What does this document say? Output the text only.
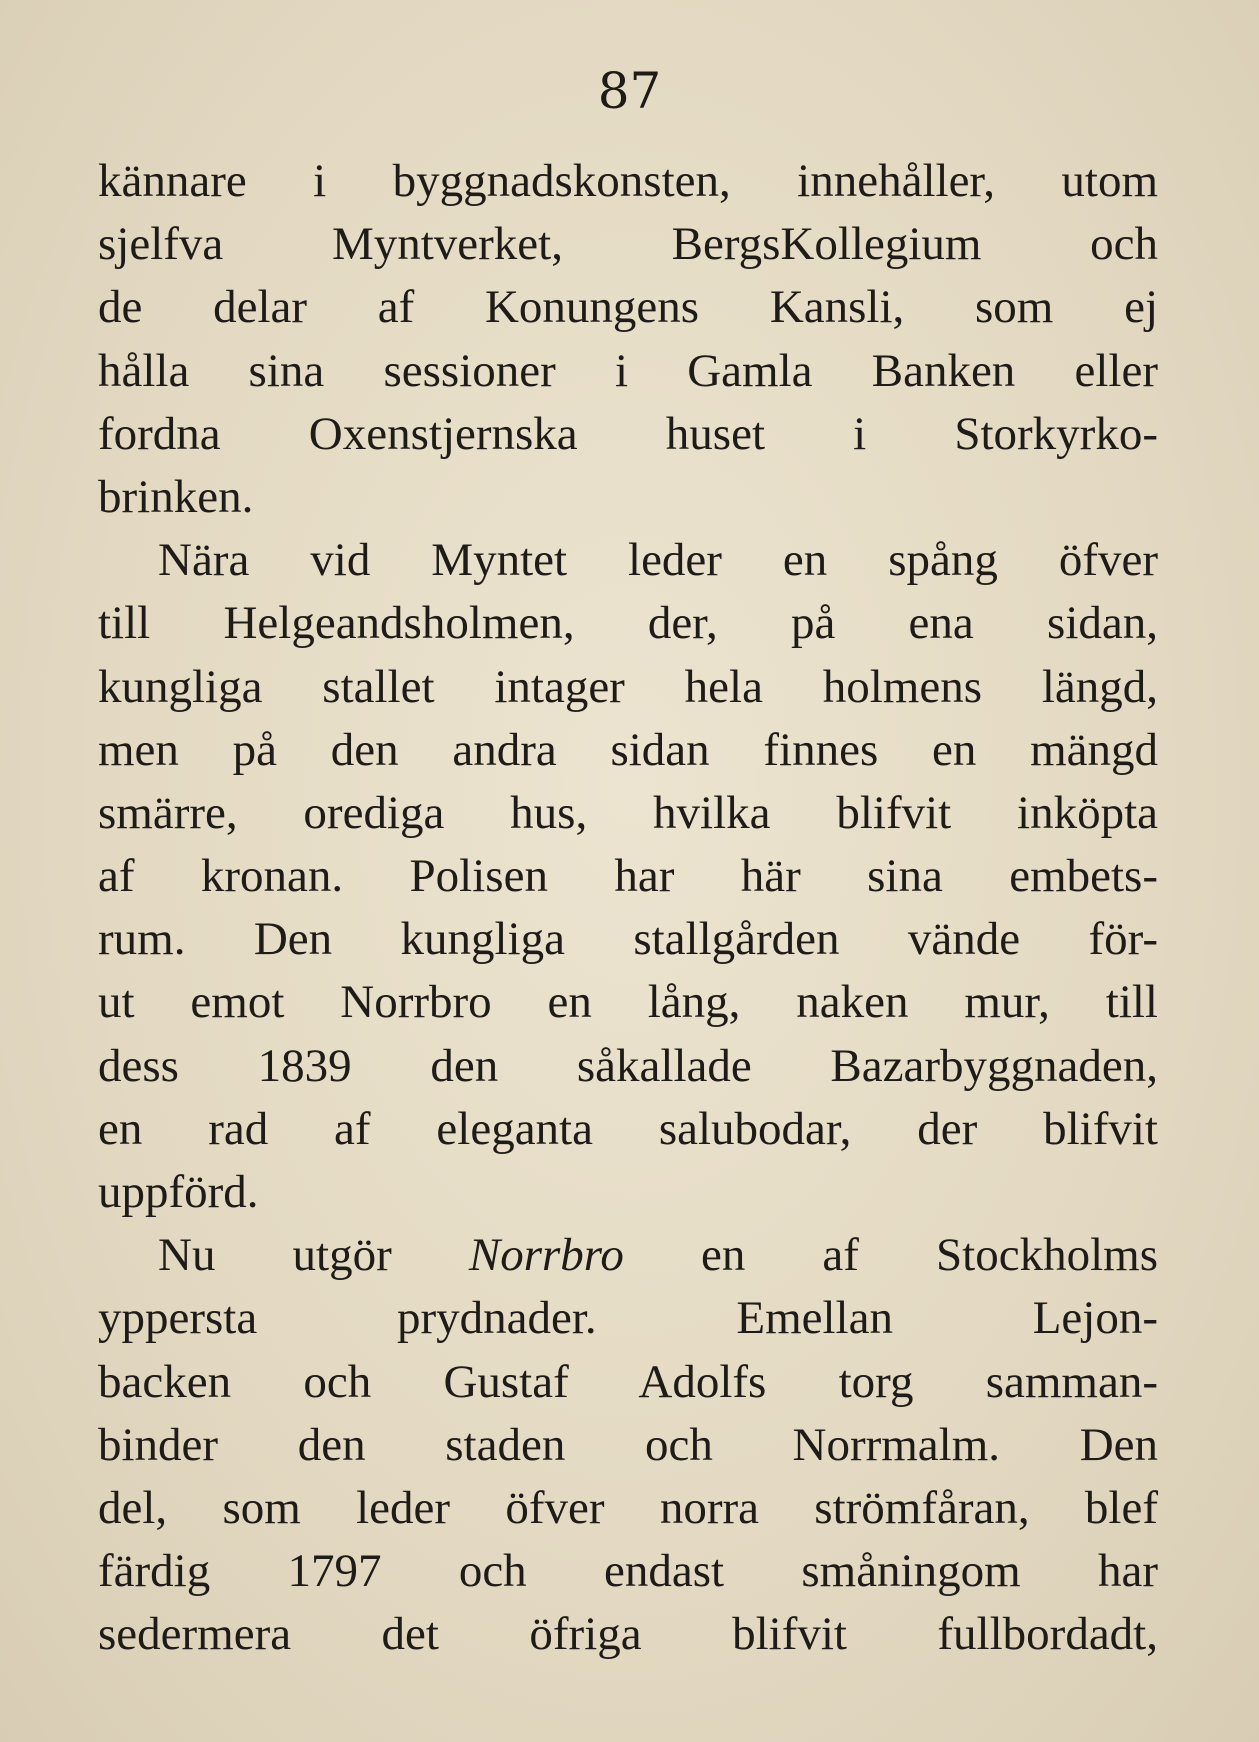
87
kännare i byggnadskonsten, innehåller, utom
sjelfva Myntverket, BergsKollegium och
de delar af Konungens Kansli, som ej
hålla sina sessioner i Gamla Banken eller
fordna Oxenstjernska huset i Storkyrko-
brinken.
Nära vid Myntet leder en spång öfver
till Helgeandsholmen, der, på ena sidan,
kungliga stallet intager hela holmens längd,
men på den andra sidan finnes en mängd
smärre, orediga hus, hvilka blifvit inköpta
af kronan. Polisen har här sina embets-
rum. Den kungliga stallgården vände för-
ut emot Norrbro en lång, naken mur, till
dess 1839 den såkallade Bazarbyggnaden,
en rad af eleganta salubodar, der blifvit
uppförd.
Nu utgör Norrbro en af Stockholms
yppersta prydnader. Emellan Lejon-
backen och Gustaf Adolfs torg samman-
binder den staden och Norrmalm. Den
del, som leder öfver norra strömfåran, blef
färdig 1797 och endast småningom har
sedermera det öfriga blifvit fullbordadt,
